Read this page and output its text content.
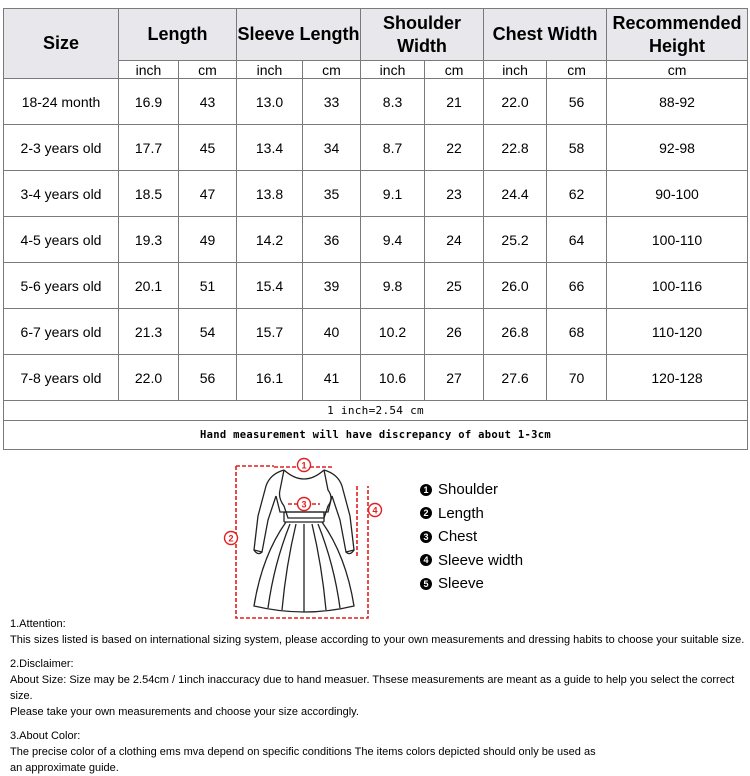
Size	Length		Sleeve Length		Shoulder Width		Chest Width		Recommended Height
	inch	cm	inch	cm	inch	cm	inch	cm	cm
18-24 month	16.9	43	13.0	33	8.3	21	22.0	56	88-92
2-3 years old	17.7	45	13.4	34	8.7	22	22.8	58	92-98
3-4 years old	18.5	47	13.8	35	9.1	23	24.4	62	90-100
4-5 years old	19.3	49	14.2	36	9.4	24	25.2	64	100-110
5-6 years old	20.1	51	15.4	39	9.8	25	26.0	66	100-116
6-7 years old	21.3	54	15.7	40	10.2	26	26.8	68	110-120
7-8 years old	22.0	56	16.1	41	10.6	27	27.6	70	120-128
1 inch=2.54 cm									
Hand measurement will have discrepancy of about 1-3cm									
1
2
3
4
1 Shoulder
2 Length
3 Chest
4 Sleeve width
5 Sleeve

1.Attention:

This sizes listed is based on international sizing system, please according to your own measurements and dressing habits to choose your suitable size.

2.Disclaimer:

About Size: Size may be 2.54cm / 1inch inaccuracy due to hand measuer. Thsese measurements are meant as a guide to help you select the correct size.

Please take your own measurements and choose your size accordingly.

3.About Color:

The precise color of a clothing ems mva depend on specific conditions The items colors depicted should only be used as

an approximate guide.
